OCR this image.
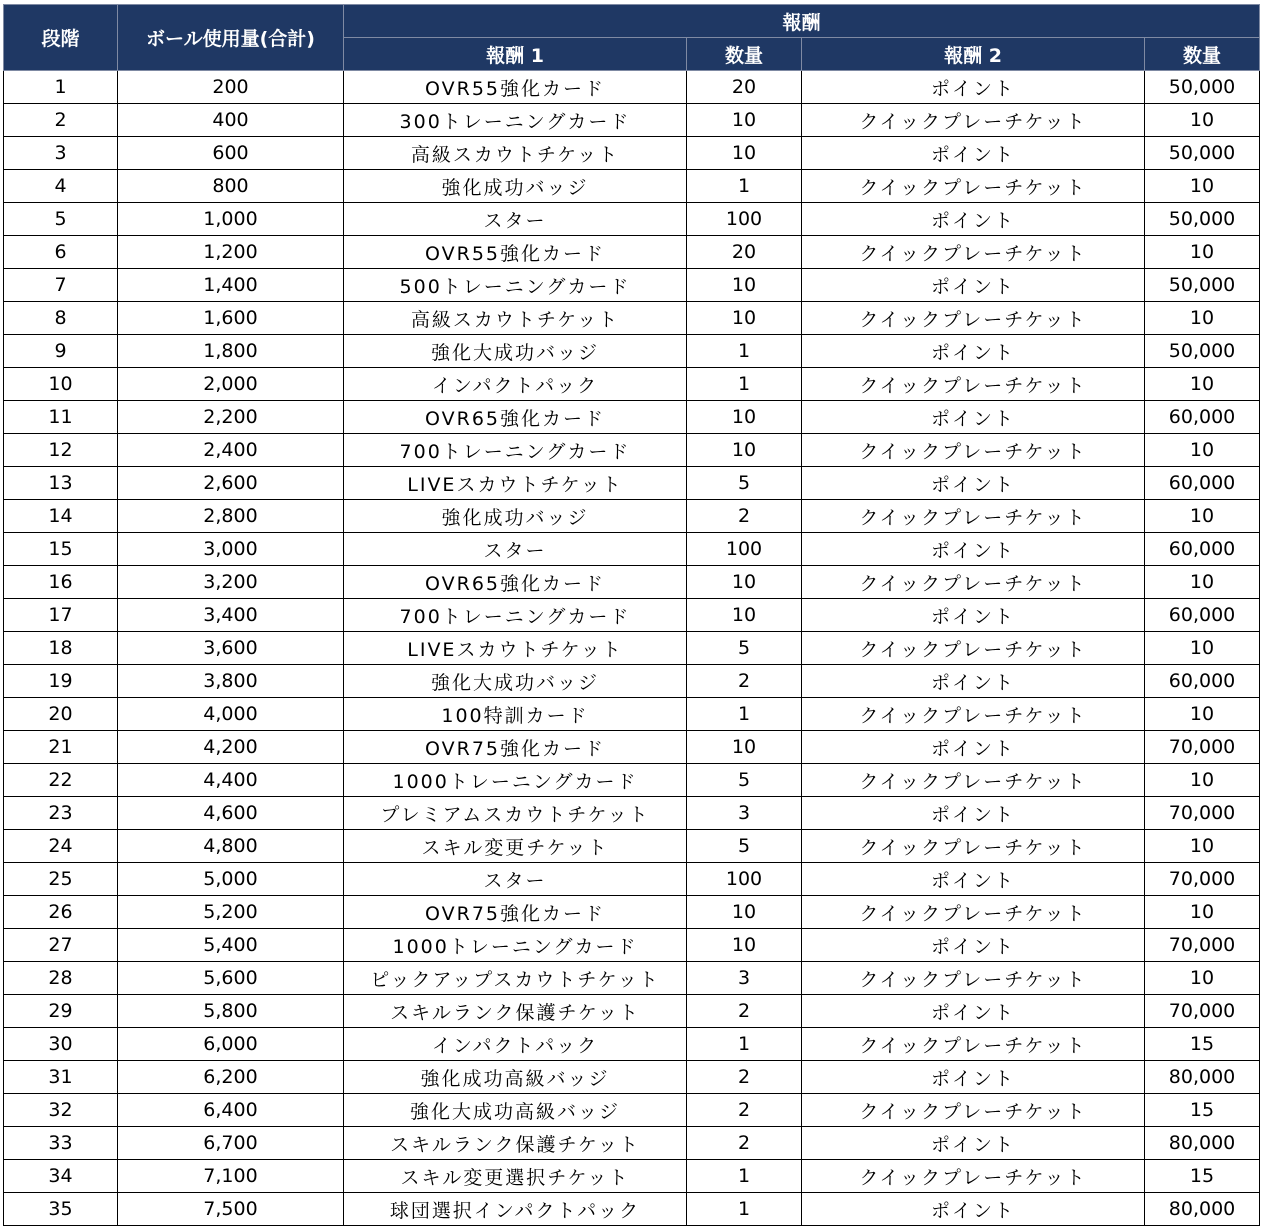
段階	ボール使用量(合計)	報酬			
		報酬 1	数量	報酬 2	数量
1	200	OVR55強化カード	20	ポイント	50,000
2	400	300トレーニングカード	10	クイックプレーチケット	10
3	600	高級スカウトチケット	10	ポイント	50,000
4	800	強化成功バッジ	1	クイックプレーチケット	10
5	1,000	スター	100	ポイント	50,000
6	1,200	OVR55強化カード	20	クイックプレーチケット	10
7	1,400	500トレーニングカード	10	ポイント	50,000
8	1,600	高級スカウトチケット	10	クイックプレーチケット	10
9	1,800	強化大成功バッジ	1	ポイント	50,000
10	2,000	インパクトパック	1	クイックプレーチケット	10
11	2,200	OVR65強化カード	10	ポイント	60,000
12	2,400	700トレーニングカード	10	クイックプレーチケット	10
13	2,600	LIVEスカウトチケット	5	ポイント	60,000
14	2,800	強化成功バッジ	2	クイックプレーチケット	10
15	3,000	スター	100	ポイント	60,000
16	3,200	OVR65強化カード	10	クイックプレーチケット	10
17	3,400	700トレーニングカード	10	ポイント	60,000
18	3,600	LIVEスカウトチケット	5	クイックプレーチケット	10
19	3,800	強化大成功バッジ	2	ポイント	60,000
20	4,000	100特訓カード	1	クイックプレーチケット	10
21	4,200	OVR75強化カード	10	ポイント	70,000
22	4,400	1000トレーニングカード	5	クイックプレーチケット	10
23	4,600	プレミアムスカウトチケット	3	ポイント	70,000
24	4,800	スキル変更チケット	5	クイックプレーチケット	10
25	5,000	スター	100	ポイント	70,000
26	5,200	OVR75強化カード	10	クイックプレーチケット	10
27	5,400	1000トレーニングカード	10	ポイント	70,000
28	5,600	ピックアップスカウトチケット	3	クイックプレーチケット	10
29	5,800	スキルランク保護チケット	2	ポイント	70,000
30	6,000	インパクトパック	1	クイックプレーチケット	15
31	6,200	強化成功高級バッジ	2	ポイント	80,000
32	6,400	強化大成功高級バッジ	2	クイックプレーチケット	15
33	6,700	スキルランク保護チケット	2	ポイント	80,000
34	7,100	スキル変更選択チケット	1	クイックプレーチケット	15
35	7,500	球団選択インパクトパック	1	ポイント	80,000
